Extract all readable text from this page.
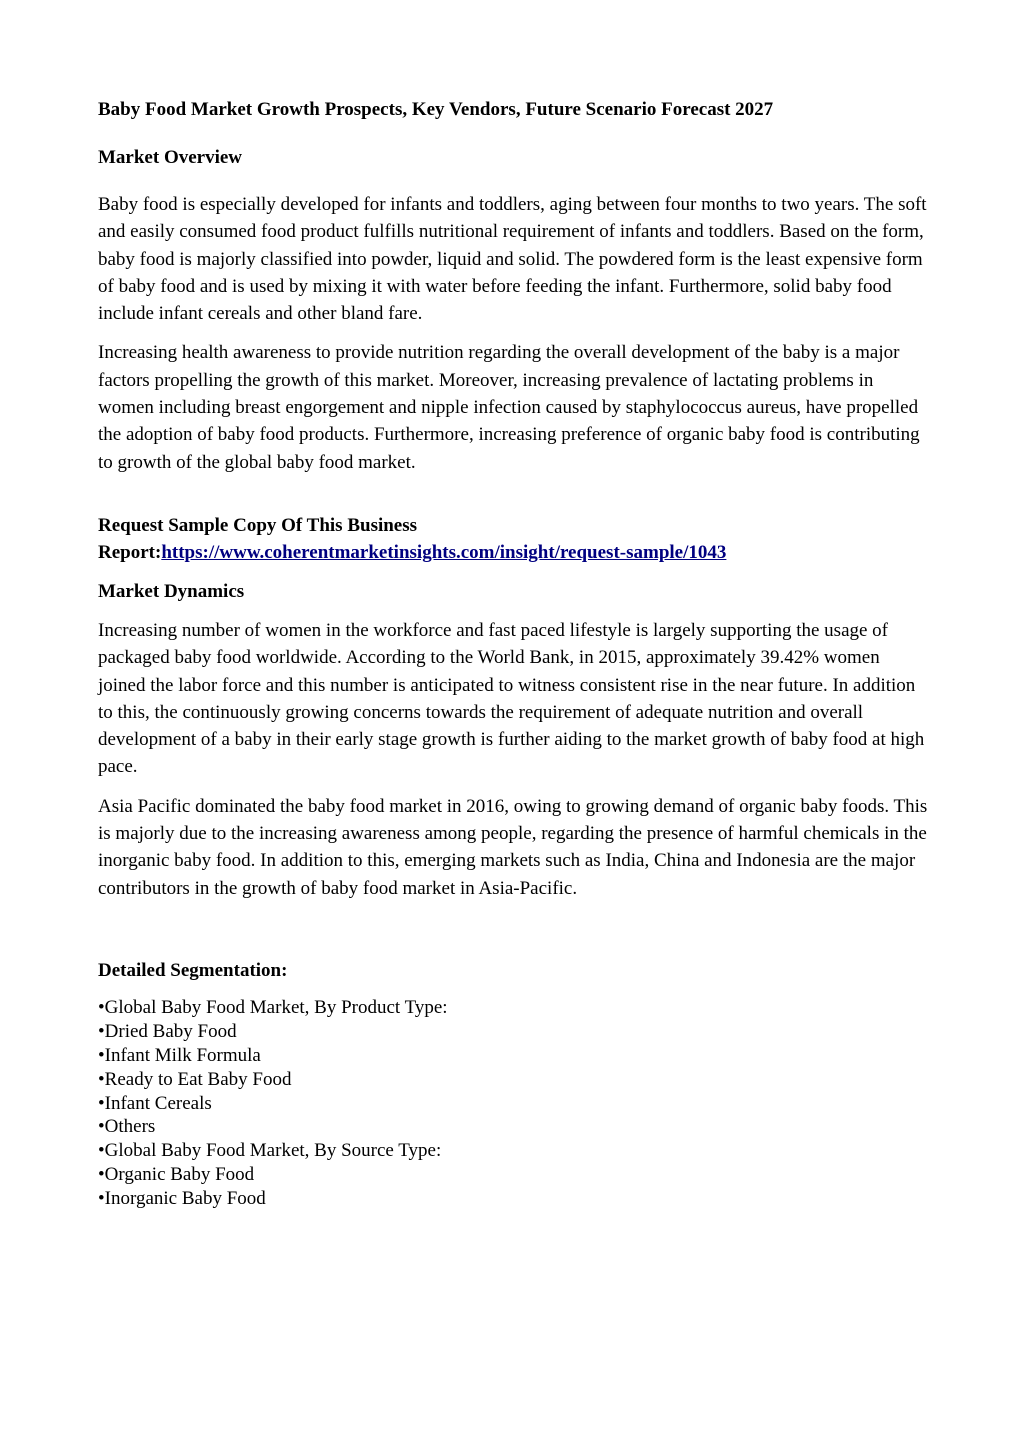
Baby Food Market Growth Prospects, Key Vendors, Future Scenario Forecast 2027

Market Overview

Baby food is especially developed for infants and toddlers, aging between four months to two years. The soft and easily consumed food product fulfills nutritional requirement of infants and toddlers. Based on the form, baby food is majorly classified into powder, liquid and solid. The powdered form is the least expensive form of baby food and is used by mixing it with water before feeding the infant. Furthermore, solid baby food include infant cereals and other bland fare.

Increasing health awareness to provide nutrition regarding the overall development of the baby is a major factors propelling the growth of this market. Moreover, increasing prevalence of lactating problems in women including breast engorgement and nipple infection caused by staphylococcus aureus, have propelled the adoption of baby food products. Furthermore, increasing preference of organic baby food is contributing to growth of the global baby food market.

Request Sample Copy Of This Business
Report:https://www.coherentmarketinsights.com/insight/request-sample/1043

Market Dynamics

Increasing number of women in the workforce and fast paced lifestyle is largely supporting the usage of packaged baby food worldwide. According to the World Bank, in 2015, approximately 39.42% women joined the labor force and this number is anticipated to witness consistent rise in the near future. In addition to this, the continuously growing concerns towards the requirement of adequate nutrition and overall development of a baby in their early stage growth is further aiding to the market growth of baby food at high pace.

Asia Pacific dominated the baby food market in 2016, owing to growing demand of organic baby foods. This is majorly due to the increasing awareness among people, regarding the presence of harmful chemicals in the inorganic baby food. In addition to this, emerging markets such as India, China and Indonesia are the major contributors in the growth of baby food market in Asia-Pacific.

Detailed Segmentation:

•Global Baby Food Market, By Product Type:
•Dried Baby Food
•Infant Milk Formula
•Ready to Eat Baby Food
•Infant Cereals
•Others
•Global Baby Food Market, By Source Type:
•Organic Baby Food
•Inorganic Baby Food
